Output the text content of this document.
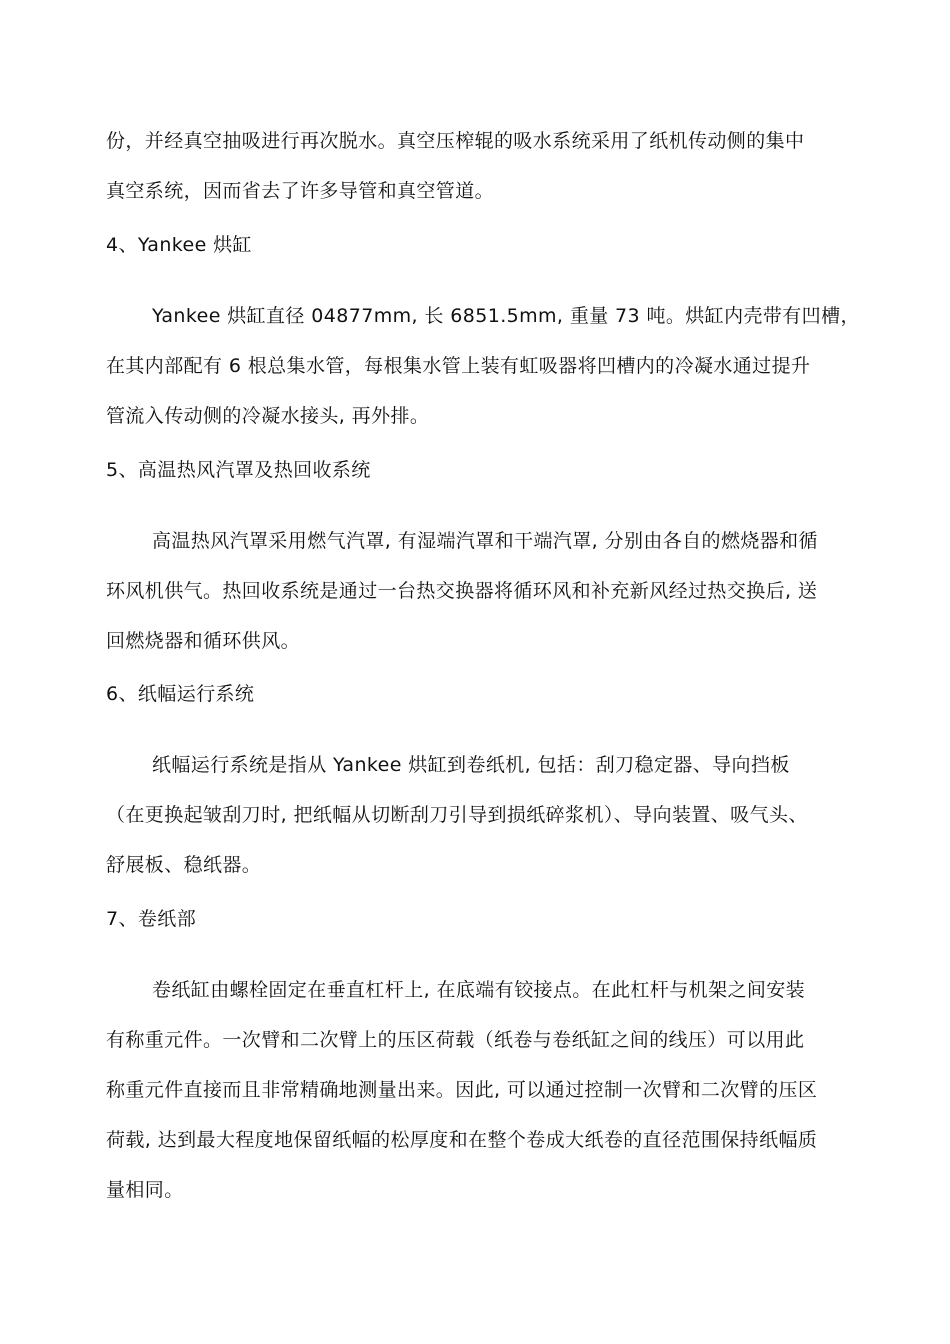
份，并经真空抽吸进行再次脱水。真空压榨辊的吸水系统采用了纸机传动侧的集中
真空系统，因而省去了许多导管和真空管道。
4、Yankee 烘缸
Yankee 烘缸直径 04877mm, 长 6851.5mm, 重量 73 吨。烘缸内壳带有凹槽，
在其内部配有 6 根总集水管，每根集水管上装有虹吸器将凹槽内的冷凝水通过提升
管流入传动侧的冷凝水接头, 再外排。
5、高温热风汽罩及热回收系统
高温热风汽罩采用燃气汽罩, 有湿端汽罩和干端汽罩, 分别由各自的燃烧器和循
环风机供气。热回收系统是通过一台热交换器将循环风和补充新风经过热交换后, 送
回燃烧器和循环供风。
6、纸幅运行系统
纸幅运行系统是指从 Yankee 烘缸到卷纸机, 包括：刮刀稳定器、导向挡板
（在更换起皱刮刀时, 把纸幅从切断刮刀引导到损纸碎浆机）、导向装置、吸气头、
舒展板、稳纸器。
7、卷纸部
卷纸缸由螺栓固定在垂直杠杆上, 在底端有铰接点。在此杠杆与机架之间安装
有称重元件。一次臂和二次臂上的压区荷载（纸卷与卷纸缸之间的线压）可以用此
称重元件直接而且非常精确地测量出来。因此, 可以通过控制一次臂和二次臂的压区
荷载, 达到最大程度地保留纸幅的松厚度和在整个卷成大纸卷的直径范围保持纸幅质
量相同。
